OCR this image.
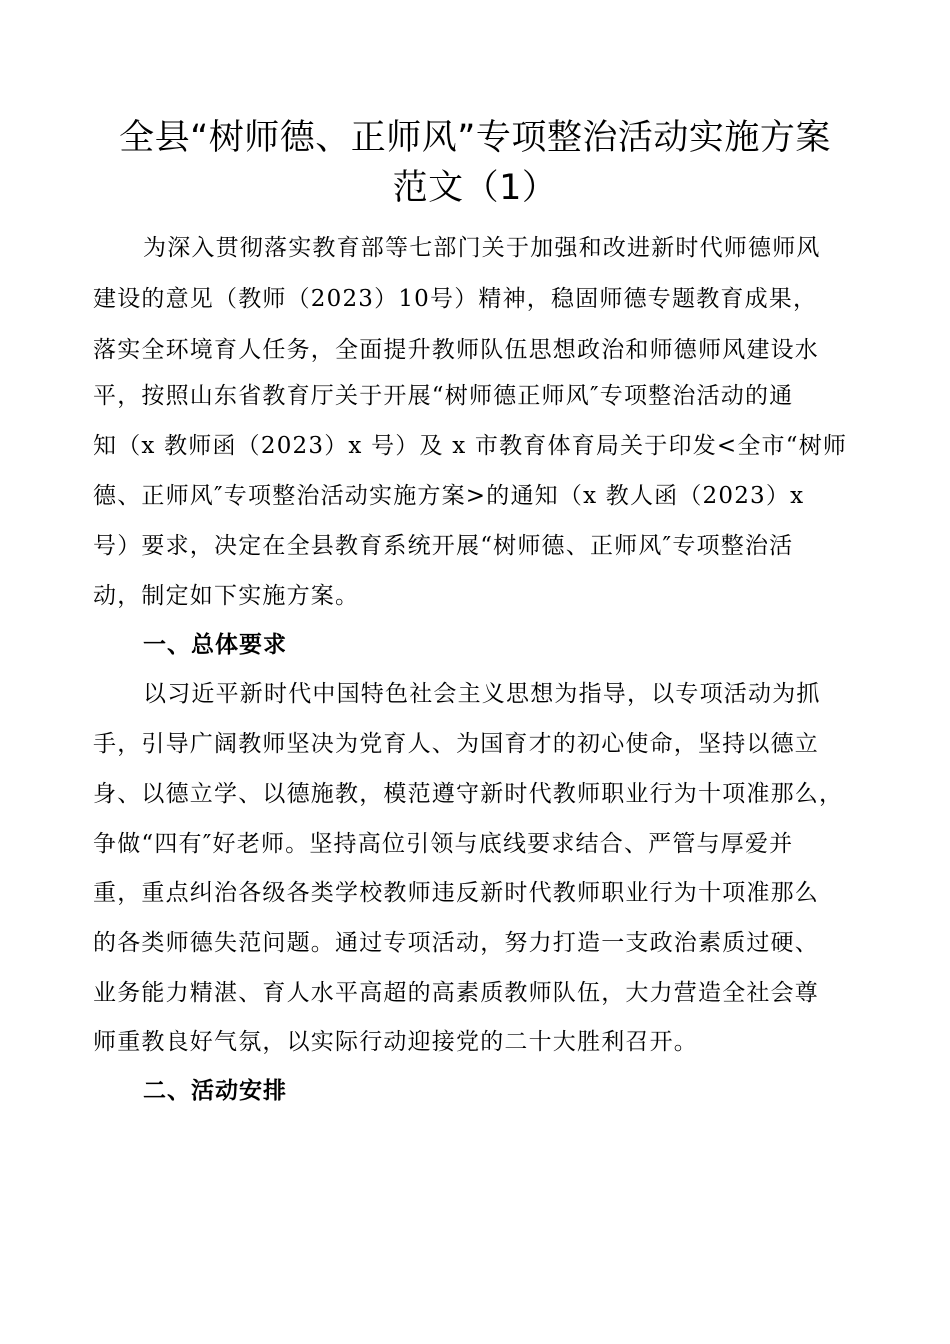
全县“树师德、正师风”专项整治活动实施方案
范文（1）

为深入贯彻落实教育部等七部门关于加强和改进新时代师德师风

建设的意见（教师（2023）10号）精神，稳固师德专题教育成果，

落实全环境育人任务，全面提升教师队伍思想政治和师德师风建设水

平，按照山东省教育厅关于开展“树师德正师风″专项整治活动的通

知（x 教师函（2023）x 号）及 x 市教育体育局关于印发<全市“树师

德、正师风″专项整治活动实施方案>的通知（x 教人函（2023）x

号）要求，决定在全县教育系统开展“树师德、正师风″专项整治活

动，制定如下实施方案。

一、总体要求

以习近平新时代中国特色社会主义思想为指导，以专项活动为抓

手，引导广阔教师坚决为党育人、为国育才的初心使命，坚持以德立

身、以德立学、以德施教，模范遵守新时代教师职业行为十项准那么，

争做“四有″好老师。坚持高位引领与底线要求结合、严管与厚爱并

重，重点纠治各级各类学校教师违反新时代教师职业行为十项准那么

的各类师德失范问题。通过专项活动，努力打造一支政治素质过硬、

业务能力精湛、育人水平高超的高素质教师队伍，大力营造全社会尊

师重教良好气氛，以实际行动迎接党的二十大胜利召开。

二、活动安排
